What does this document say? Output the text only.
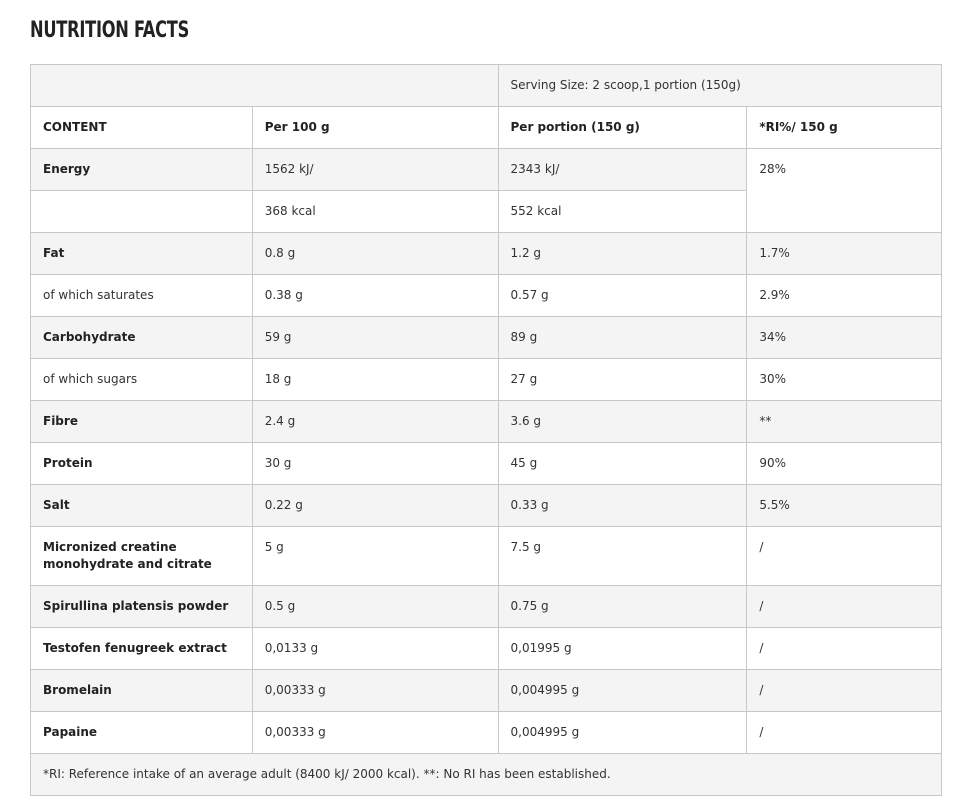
NUTRITION FACTS
		Serving Size: 2 scoop,1 portion (150g)	
CONTENT	Per 100 g	Per portion (150 g)	*RI%/ 150 g
Energy	1562 kJ/	2343 kJ/	28%
	368 kcal	552 kcal	
Fat	0.8 g	1.2 g	1.7%
of which saturates	0.38 g	0.57 g	2.9%
Carbohydrate	59 g	89 g	34%
of which sugars	18 g	27 g	30%
Fibre	2.4 g	3.6 g	**
Protein	30 g	45 g	90%
Salt	0.22 g	0.33 g	5.5%
Micronized creatine monohydrate and citrate	5 g	7.5 g	/
Spirullina platensis powder	0.5 g	0.75 g	/
Testofen fenugreek extract	0,0133 g	0,01995 g	/
Bromelain	0,00333 g	0,004995 g	/
Papaine	0,00333 g	0,004995 g	/
*RI: Reference intake of an average adult (8400 kJ/ 2000 kcal). **: No RI has been established.			
